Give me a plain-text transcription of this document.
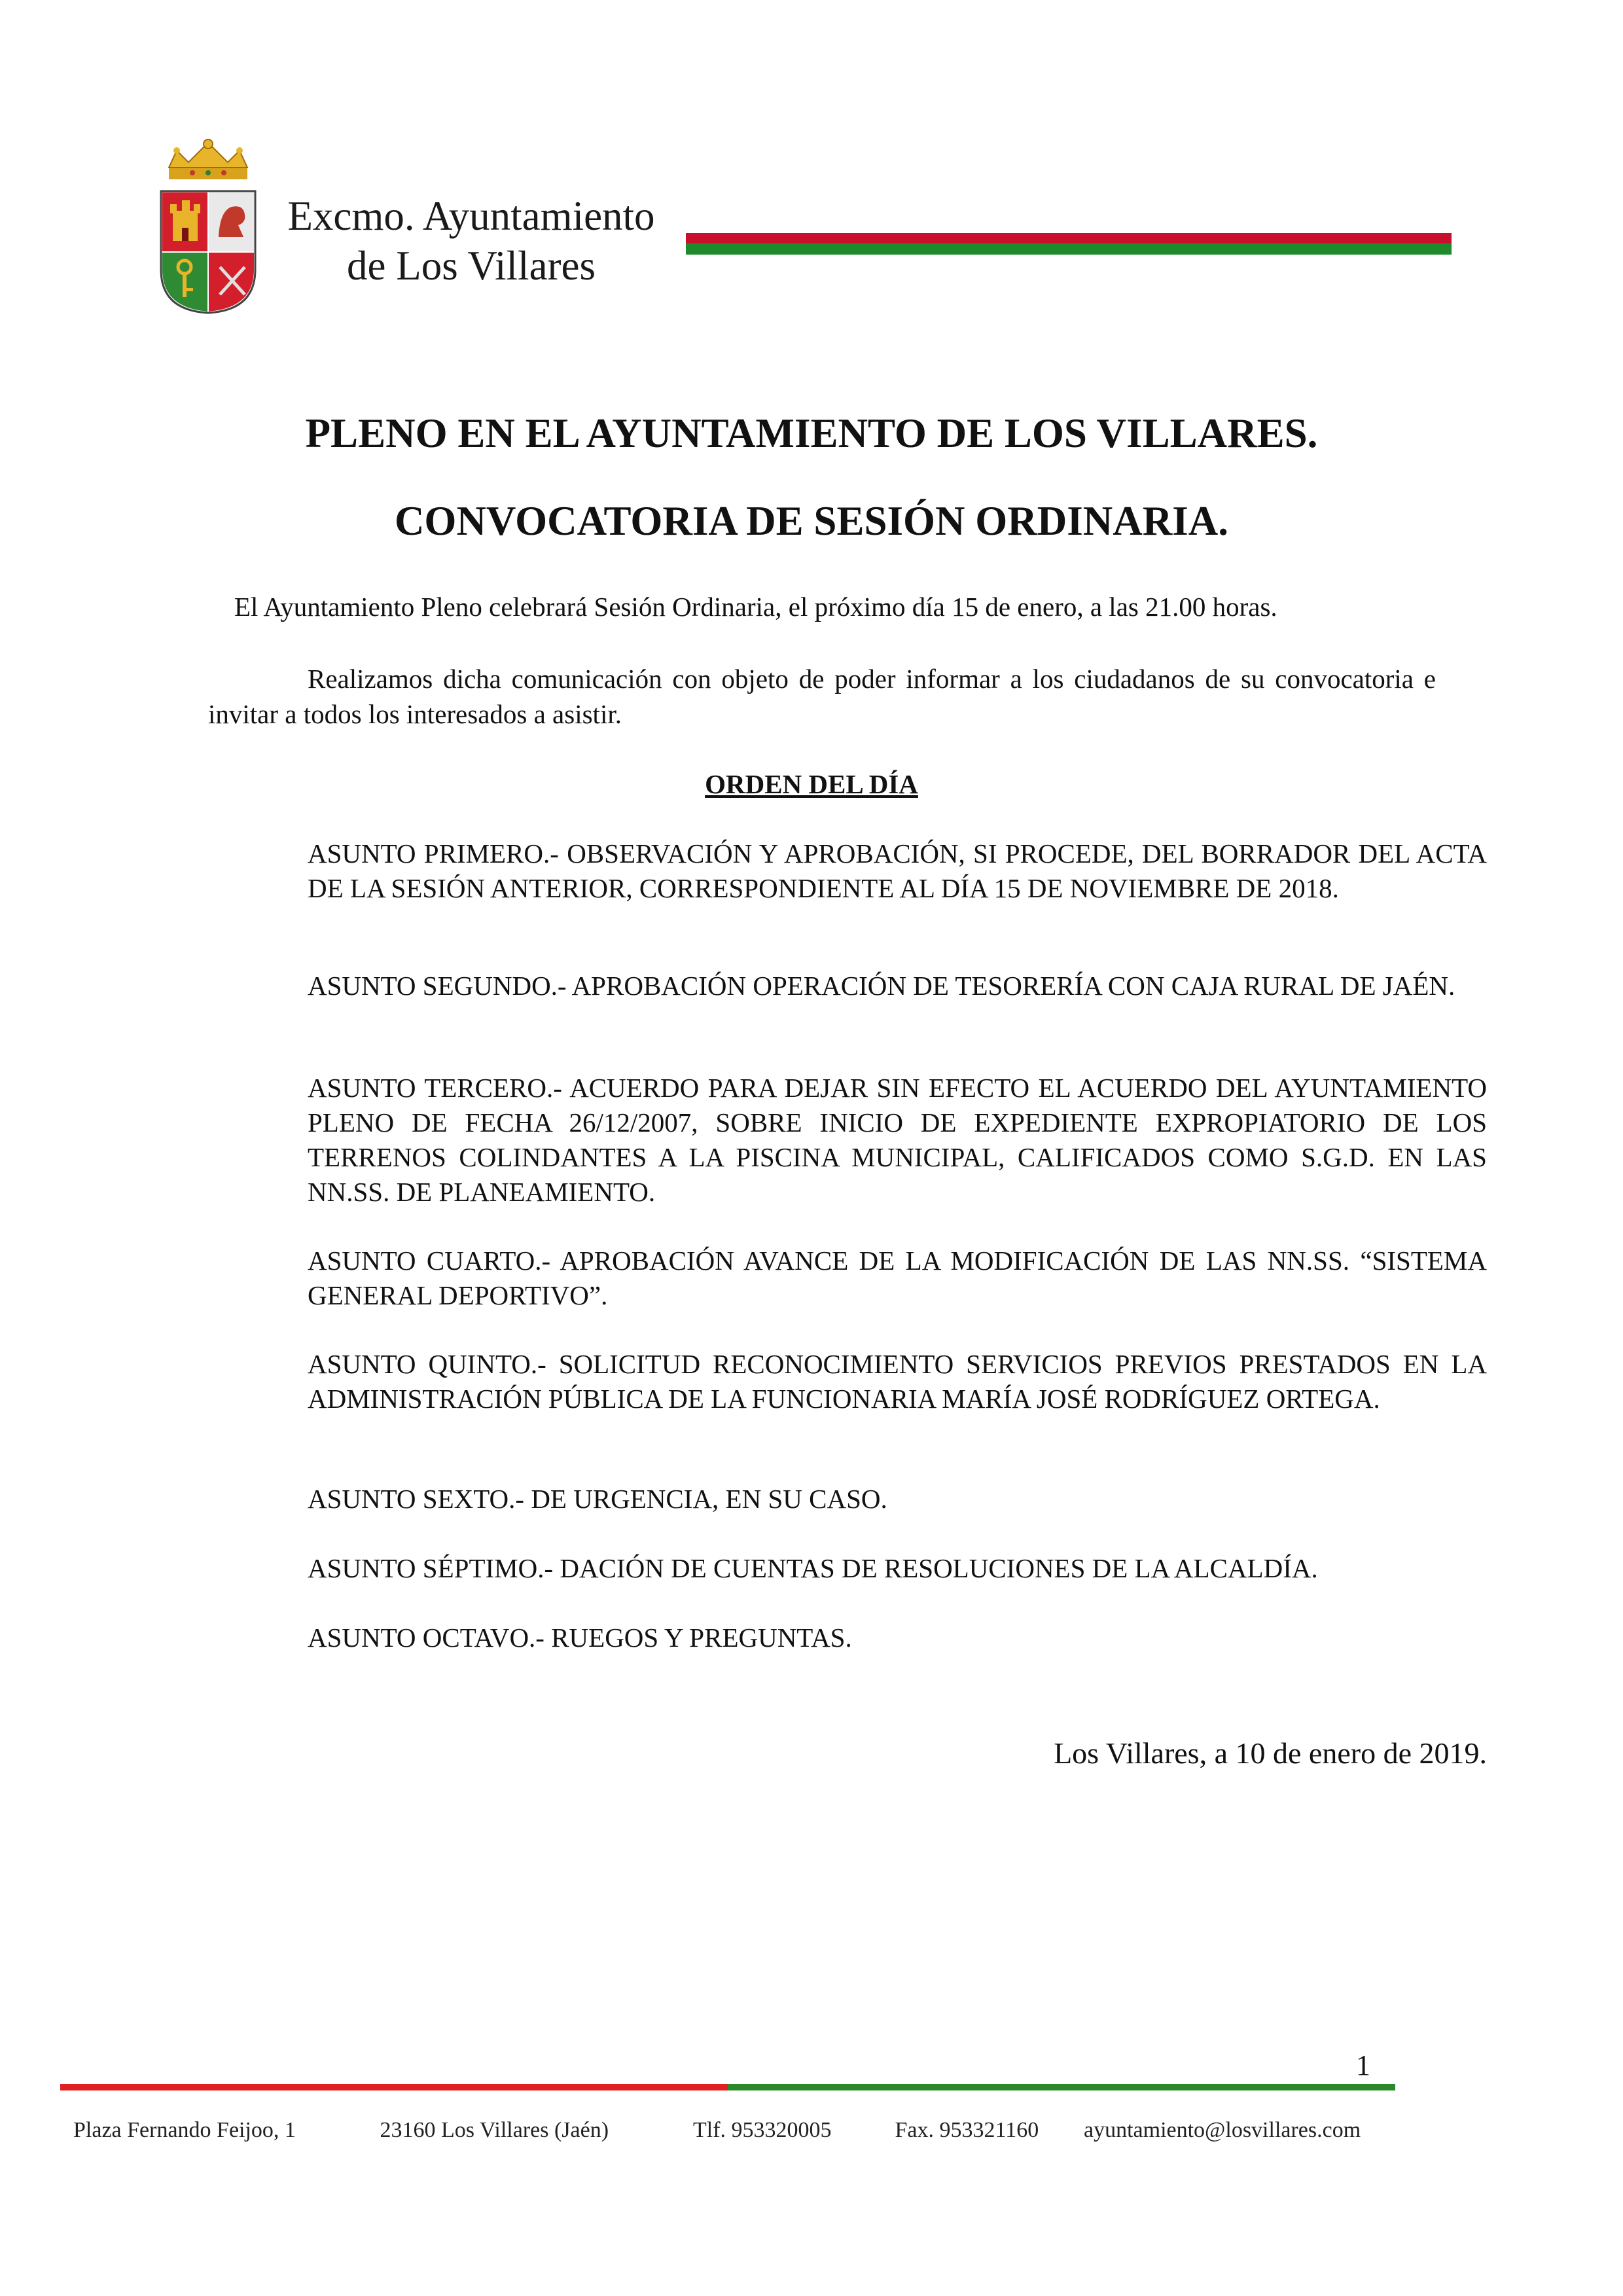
Excmo. Ayuntamiento
de Los Villares
PLENO EN EL AYUNTAMIENTO DE LOS VILLARES.
CONVOCATORIA DE SESIÓN ORDINARIA.
El Ayuntamiento Pleno celebrará Sesión Ordinaria, el próximo día 15 de enero, a las 21.00 horas.
Realizamos dicha comunicación con objeto de poder informar a los ciudadanos de su convocatoria e invitar a todos los interesados a asistir.
ORDEN DEL DÍA
ASUNTO PRIMERO.- OBSERVACIÓN Y APROBACIÓN, SI PROCEDE, DEL BORRADOR DEL ACTA DE LA SESIÓN ANTERIOR, CORRESPONDIENTE AL DÍA 15 DE NOVIEMBRE DE 2018.
ASUNTO SEGUNDO.- APROBACIÓN OPERACIÓN DE TESORERÍA CON CAJA RURAL DE JAÉN.
ASUNTO TERCERO.- ACUERDO PARA DEJAR SIN EFECTO EL ACUERDO DEL AYUNTAMIENTO PLENO DE FECHA 26/12/2007, SOBRE INICIO DE EXPEDIENTE EXPROPIATORIO DE LOS TERRENOS COLINDANTES A LA PISCINA MUNICIPAL, CALIFICADOS COMO S.G.D. EN LAS NN.SS. DE PLANEAMIENTO.
ASUNTO CUARTO.- APROBACIÓN AVANCE DE LA MODIFICACIÓN DE LAS NN.SS. “SISTEMA GENERAL DEPORTIVO”.
ASUNTO QUINTO.- SOLICITUD RECONOCIMIENTO SERVICIOS PREVIOS PRESTADOS EN LA ADMINISTRACIÓN PÚBLICA DE LA FUNCIONARIA MARÍA JOSÉ RODRÍGUEZ ORTEGA.
ASUNTO SEXTO.- DE URGENCIA, EN SU CASO.
ASUNTO SÉPTIMO.- DACIÓN DE CUENTAS DE RESOLUCIONES DE LA ALCALDÍA.
ASUNTO OCTAVO.- RUEGOS Y PREGUNTAS.
Los Villares, a 10 de enero de 2019.
1
Plaza Fernando Feijoo, 1	23160 Los Villares (Jaén)	Tlf. 953320005	Fax. 953321160 ayuntamiento@losvillares.com
